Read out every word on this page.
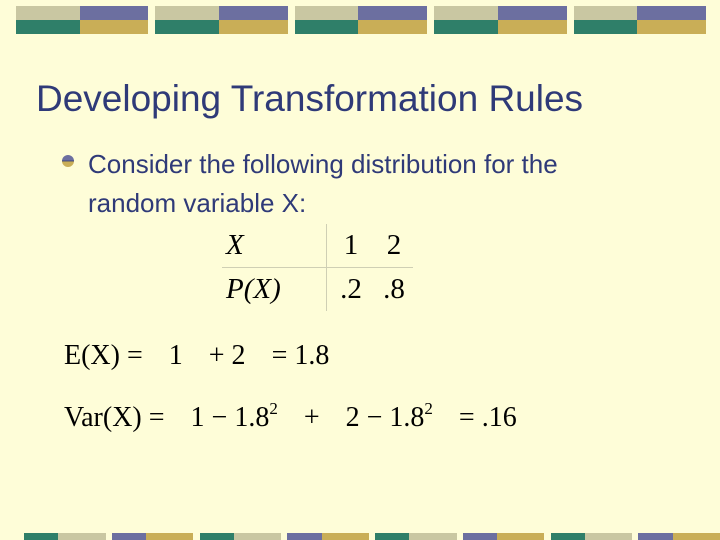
Developing Transformation Rules
Consider the following distribution for the random variable X:
X	1	2
P(X)	.2	.8
E(X) = 1 + 2 = 1.8
$Var(X) = 1 - 1.8^2 + 2 - 1.8^2 = .16$
